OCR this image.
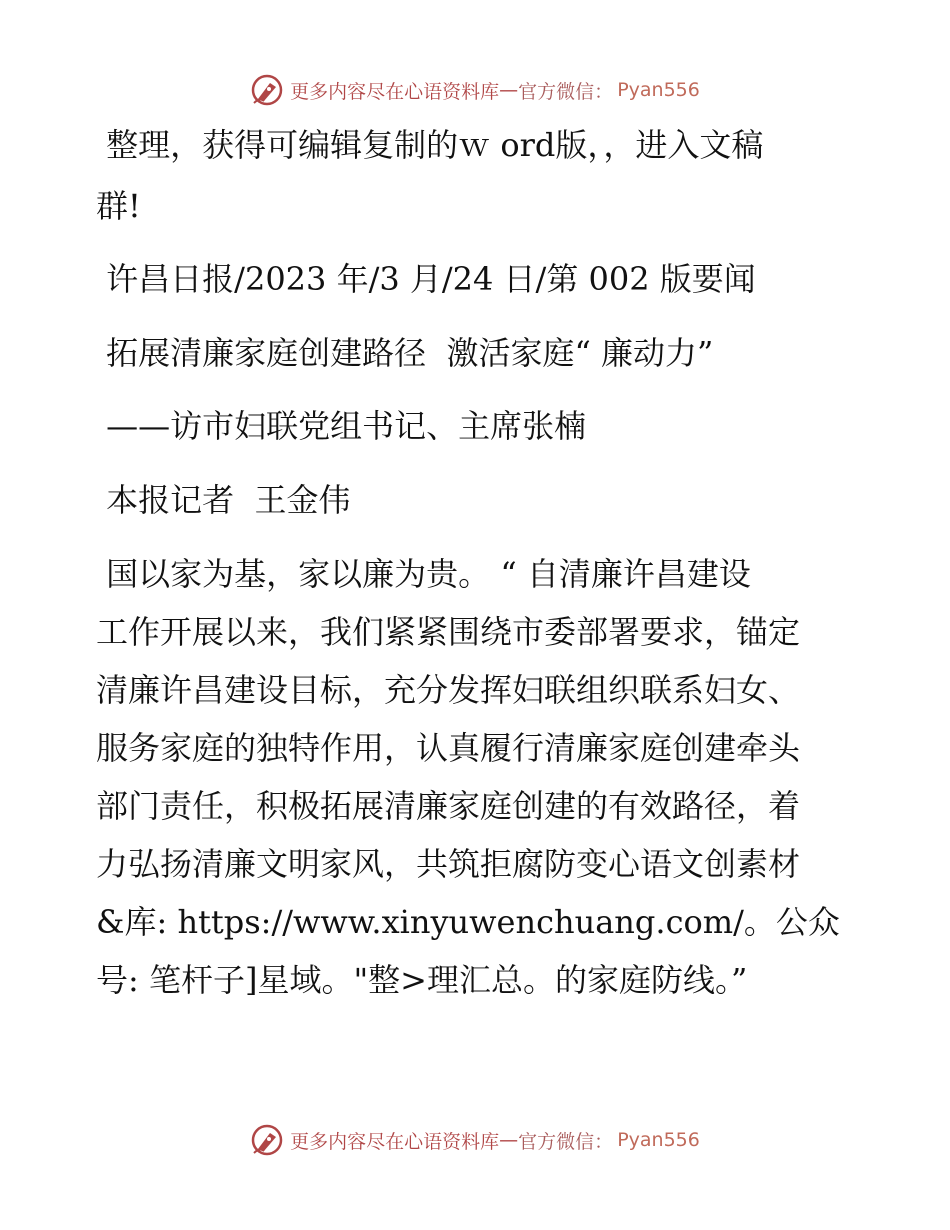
更多内容尽在心语资料库 — 官方微信： Pyan556
整理，获得可编辑复制的ｗ ord版，，进入文稿
群!
许昌日报/2023 年/3 月/24 日/第 002 版要闻
拓展清廉家庭创建路径  激活家庭“ 廉动力”
——访市妇联党组书记、主席张楠
本报记者  王金伟
国以家为基，家以廉为贵。 “ 自清廉许昌建设
工作开展以来，我们紧紧围绕市委部署要求，锚定
清廉许昌建设目标，充分发挥妇联组织联系妇女、
服务家庭的独特作用，认真履行清廉家庭创建牵头
部门责任，积极拓展清廉家庭创建的有效路径，着
力弘扬清廉文明家风，共筑拒腐防变心语文创素材
&库: https://www.xinyuwenchuang.com/。公众
号: 笔杆子]星域。"整>理汇总。的家庭防线。”
更多内容尽在心语资料库 — 官方微信： Pyan556
